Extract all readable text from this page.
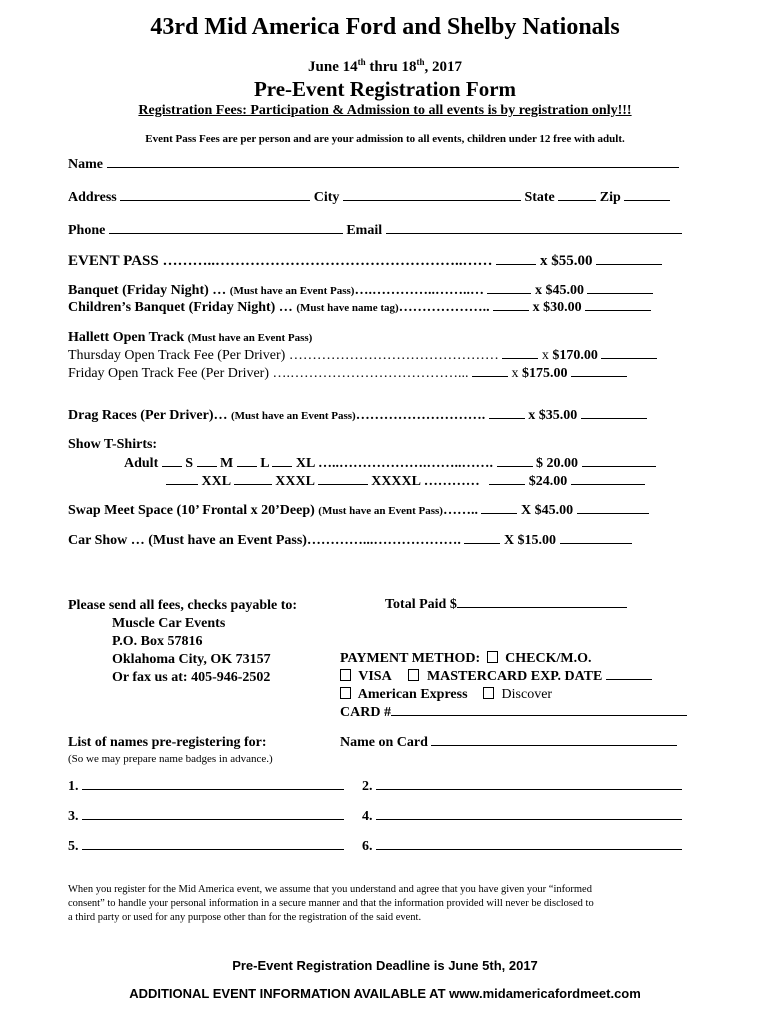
43rd Mid America Ford and Shelby Nationals
June 14th thru 18th, 2017
Pre-Event Registration Form
Registration Fees: Participation & Admission to all events is by registration only!!!
Event Pass Fees are per person and are your admission to all events, children under 12 free with adult.
Name
Address	City	State	Zip
Phone	Email
EVENT PASS ………..…………………………………………..……	x $55.00
Banquet (Friday Night) … (Must have an Event Pass)….…………..……..…	x $45.00
Children’s Banquet (Friday Night) … (Must have name tag)………………..	x $30.00
Hallett Open Track (Must have an Event Pass)
Thursday Open Track Fee (Per Driver) ………………………………………	x $170.00
Friday Open Track Fee (Per Driver) ….………………………………...	x $175.00
Drag Races (Per Driver)… (Must have an Event Pass)……………………….	x $35.00
Show T-Shirts:
Adult S M L XL …..……………….……..…….	$ 20.00
XXL	XXXL	XXXXL …………	$24.00
Swap Meet Space (10’ Frontal x 20’Deep) (Must have an Event Pass)……..	X $45.00
Car Show … (Must have an Event Pass)…………...……………….	X $15.00
Please send all fees, checks payable to:
Muscle Car Events
P.O. Box 57816
Oklahoma City, OK 73157
Or fax us at: 405-946-2502
Total Paid $
PAYMENT METHOD: CHECK/M.O.
VISA	MASTERCARD EXP. DATE
American Express Discover
CARD #
List of names pre-registering for:
(So we may prepare name badges in advance.)
Name on Card
1.	2.
3.	4.
5.	6.
When you register for the Mid America event, we assume that you understand and agree that you have given your “informed
consent” to handle your personal information in a secure manner and that the information provided will never be disclosed to
a third party or used for any purpose other than for the registration of the said event.
Pre-Event Registration Deadline is June 5th, 2017
ADDITIONAL EVENT INFORMATION AVAILABLE AT www.midamericafordmeet.com
